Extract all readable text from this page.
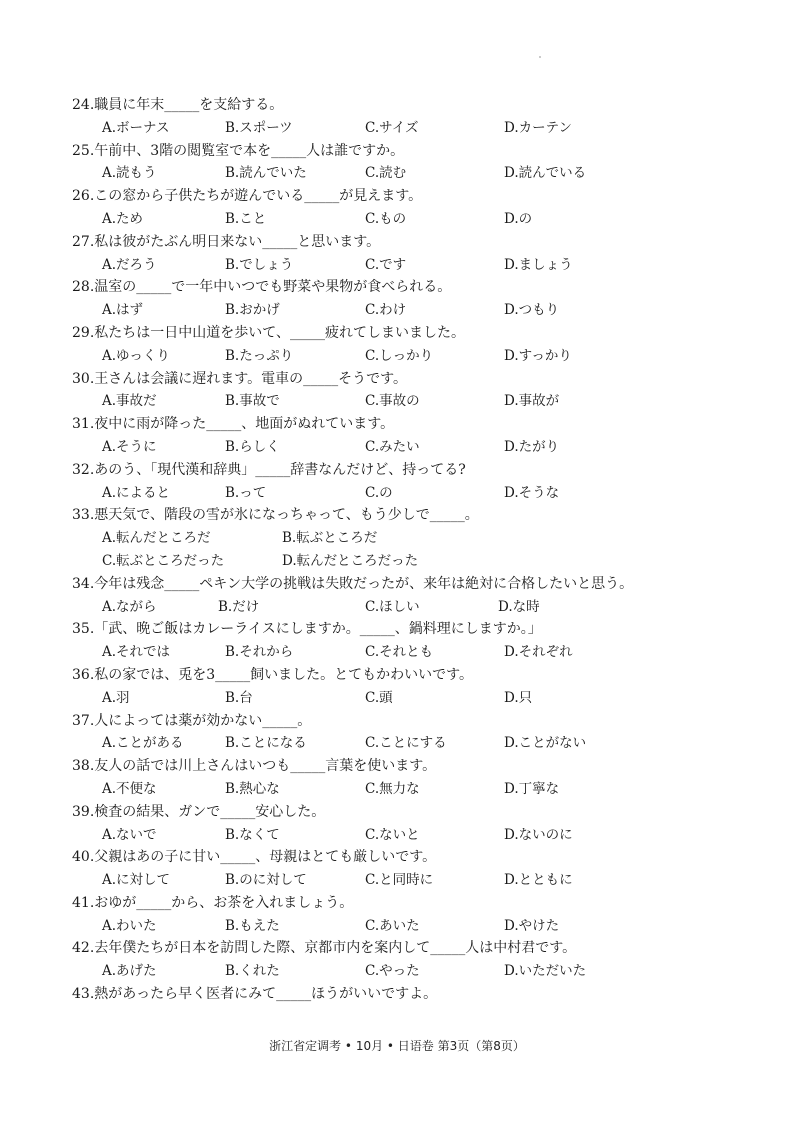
24.職員に年末_____を支給する。
A.ボーナス	B.スポーツ	C.サイズ	D.カーテン
25.午前中、3階の閲覧室で本を_____人は誰ですか。
A.読もう	B.読んでいた	C.読む	D.読んでいる
26.この窓から子供たちが遊んでいる_____が見えます。
A.ため	B.こと	C.もの	D.の
27.私は彼がたぶん明日来ない_____と思います。
A.だろう	B.でしょう	C.です	D.ましょう
28.温室の_____で一年中いつでも野菜や果物が食べられる。
A.はず	B.おかげ	C.わけ	D.つもり
29.私たちは一日中山道を歩いて、_____疲れてしまいました。
A.ゆっくり	B.たっぷり	C.しっかり	D.すっかり
30.王さんは会議に遅れます。電車の_____そうです。
A.事故だ	B.事故で	C.事故の	D.事故が
31.夜中に雨が降った_____、地面がぬれています。
A.そうに	B.らしく	C.みたい	D.たがり
32.あのう、「現代漢和辞典」_____辞書なんだけど、持ってる?
A.によると	B.って	C.の	D.そうな
33.悪天気で、階段の雪が氷になっちゃって、もう少しで_____。
A.転んだところだ	B.転ぶところだ
C.転ぶところだった	D.転んだところだった
34.今年は残念_____ペキン大学の挑戦は失敗だったが、来年は絶対に合格したいと思う。
A.ながら	B.だけ	C.ほしい	D.な時
35.「武、晩ご飯はカレーライスにしますか。_____、鍋料理にしますか。」
A.それでは	B.それから	C.それとも	D.それぞれ
36.私の家では、兎を3_____飼いました。とてもかわいいです。
A.羽	B.台	C.頭	D.只
37.人によっては薬が効かない_____。
A.ことがある	B.ことになる	C.ことにする	D.ことがない
38.友人の話では川上さんはいつも_____言葉を使います。
A.不便な	B.熱心な	C.無力な	D.丁寧な
39.検査の結果、ガンで_____安心した。
A.ないで	B.なくて	C.ないと	D.ないのに
40.父親はあの子に甘い_____、母親はとても厳しいです。
A.に対して	B.のに対して	C.と同時に	D.とともに
41.おゆが_____から、お茶を入れましょう。
A.わいた	B.もえた	C.あいた	D.やけた
42.去年僕たちが日本を訪問した際、京都市内を案内して_____人は中村君です。
A.あげた	B.くれた	C.やった	D.いただいた
43.熱があったら早く医者にみて_____ほうがいいですよ。
浙江省定调考 • 10月 • 日语卷 第3页（第8页）
